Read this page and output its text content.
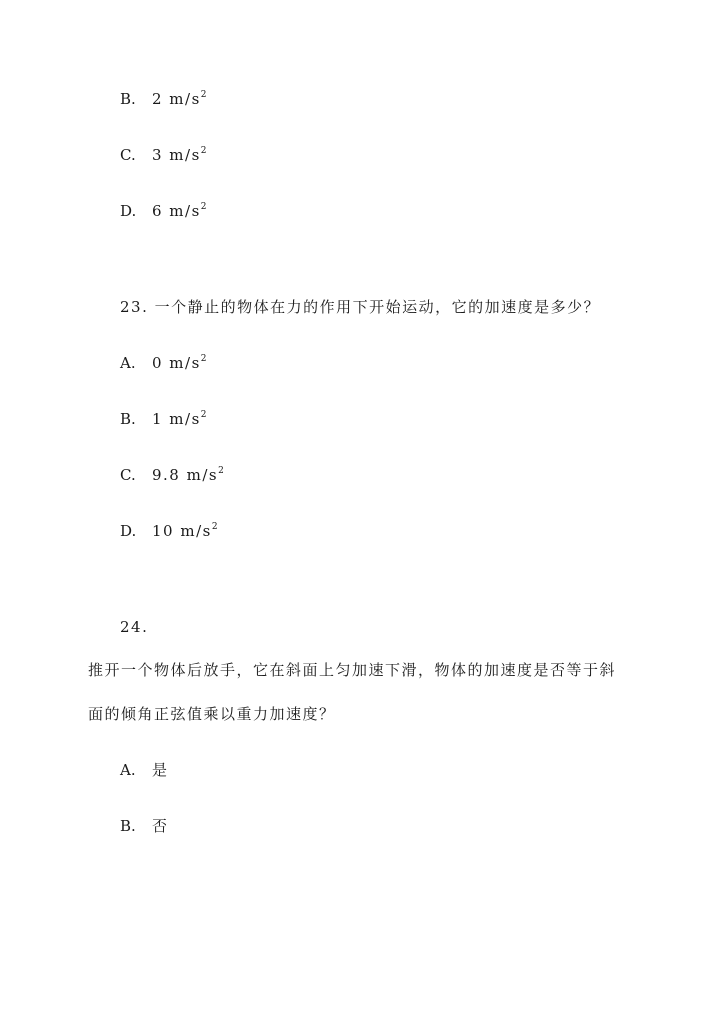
B. 2 $m/s^2$
C. 3 $m/s^2$
D. 6 $m/s^2$
23. 一个静止的物体在力的作用下开始运动，它的加速度是多少？
A. 0 $m/s^2$
B. 1 $m/s^2$
C. 9.8 $m/s^2$
D. 10 $m/s^2$
24.
推开一个物体后放手，它在斜面上匀加速下滑，物体的加速度是否等于斜
面的倾角正弦值乘以重力加速度？
A. 是
B. 否
